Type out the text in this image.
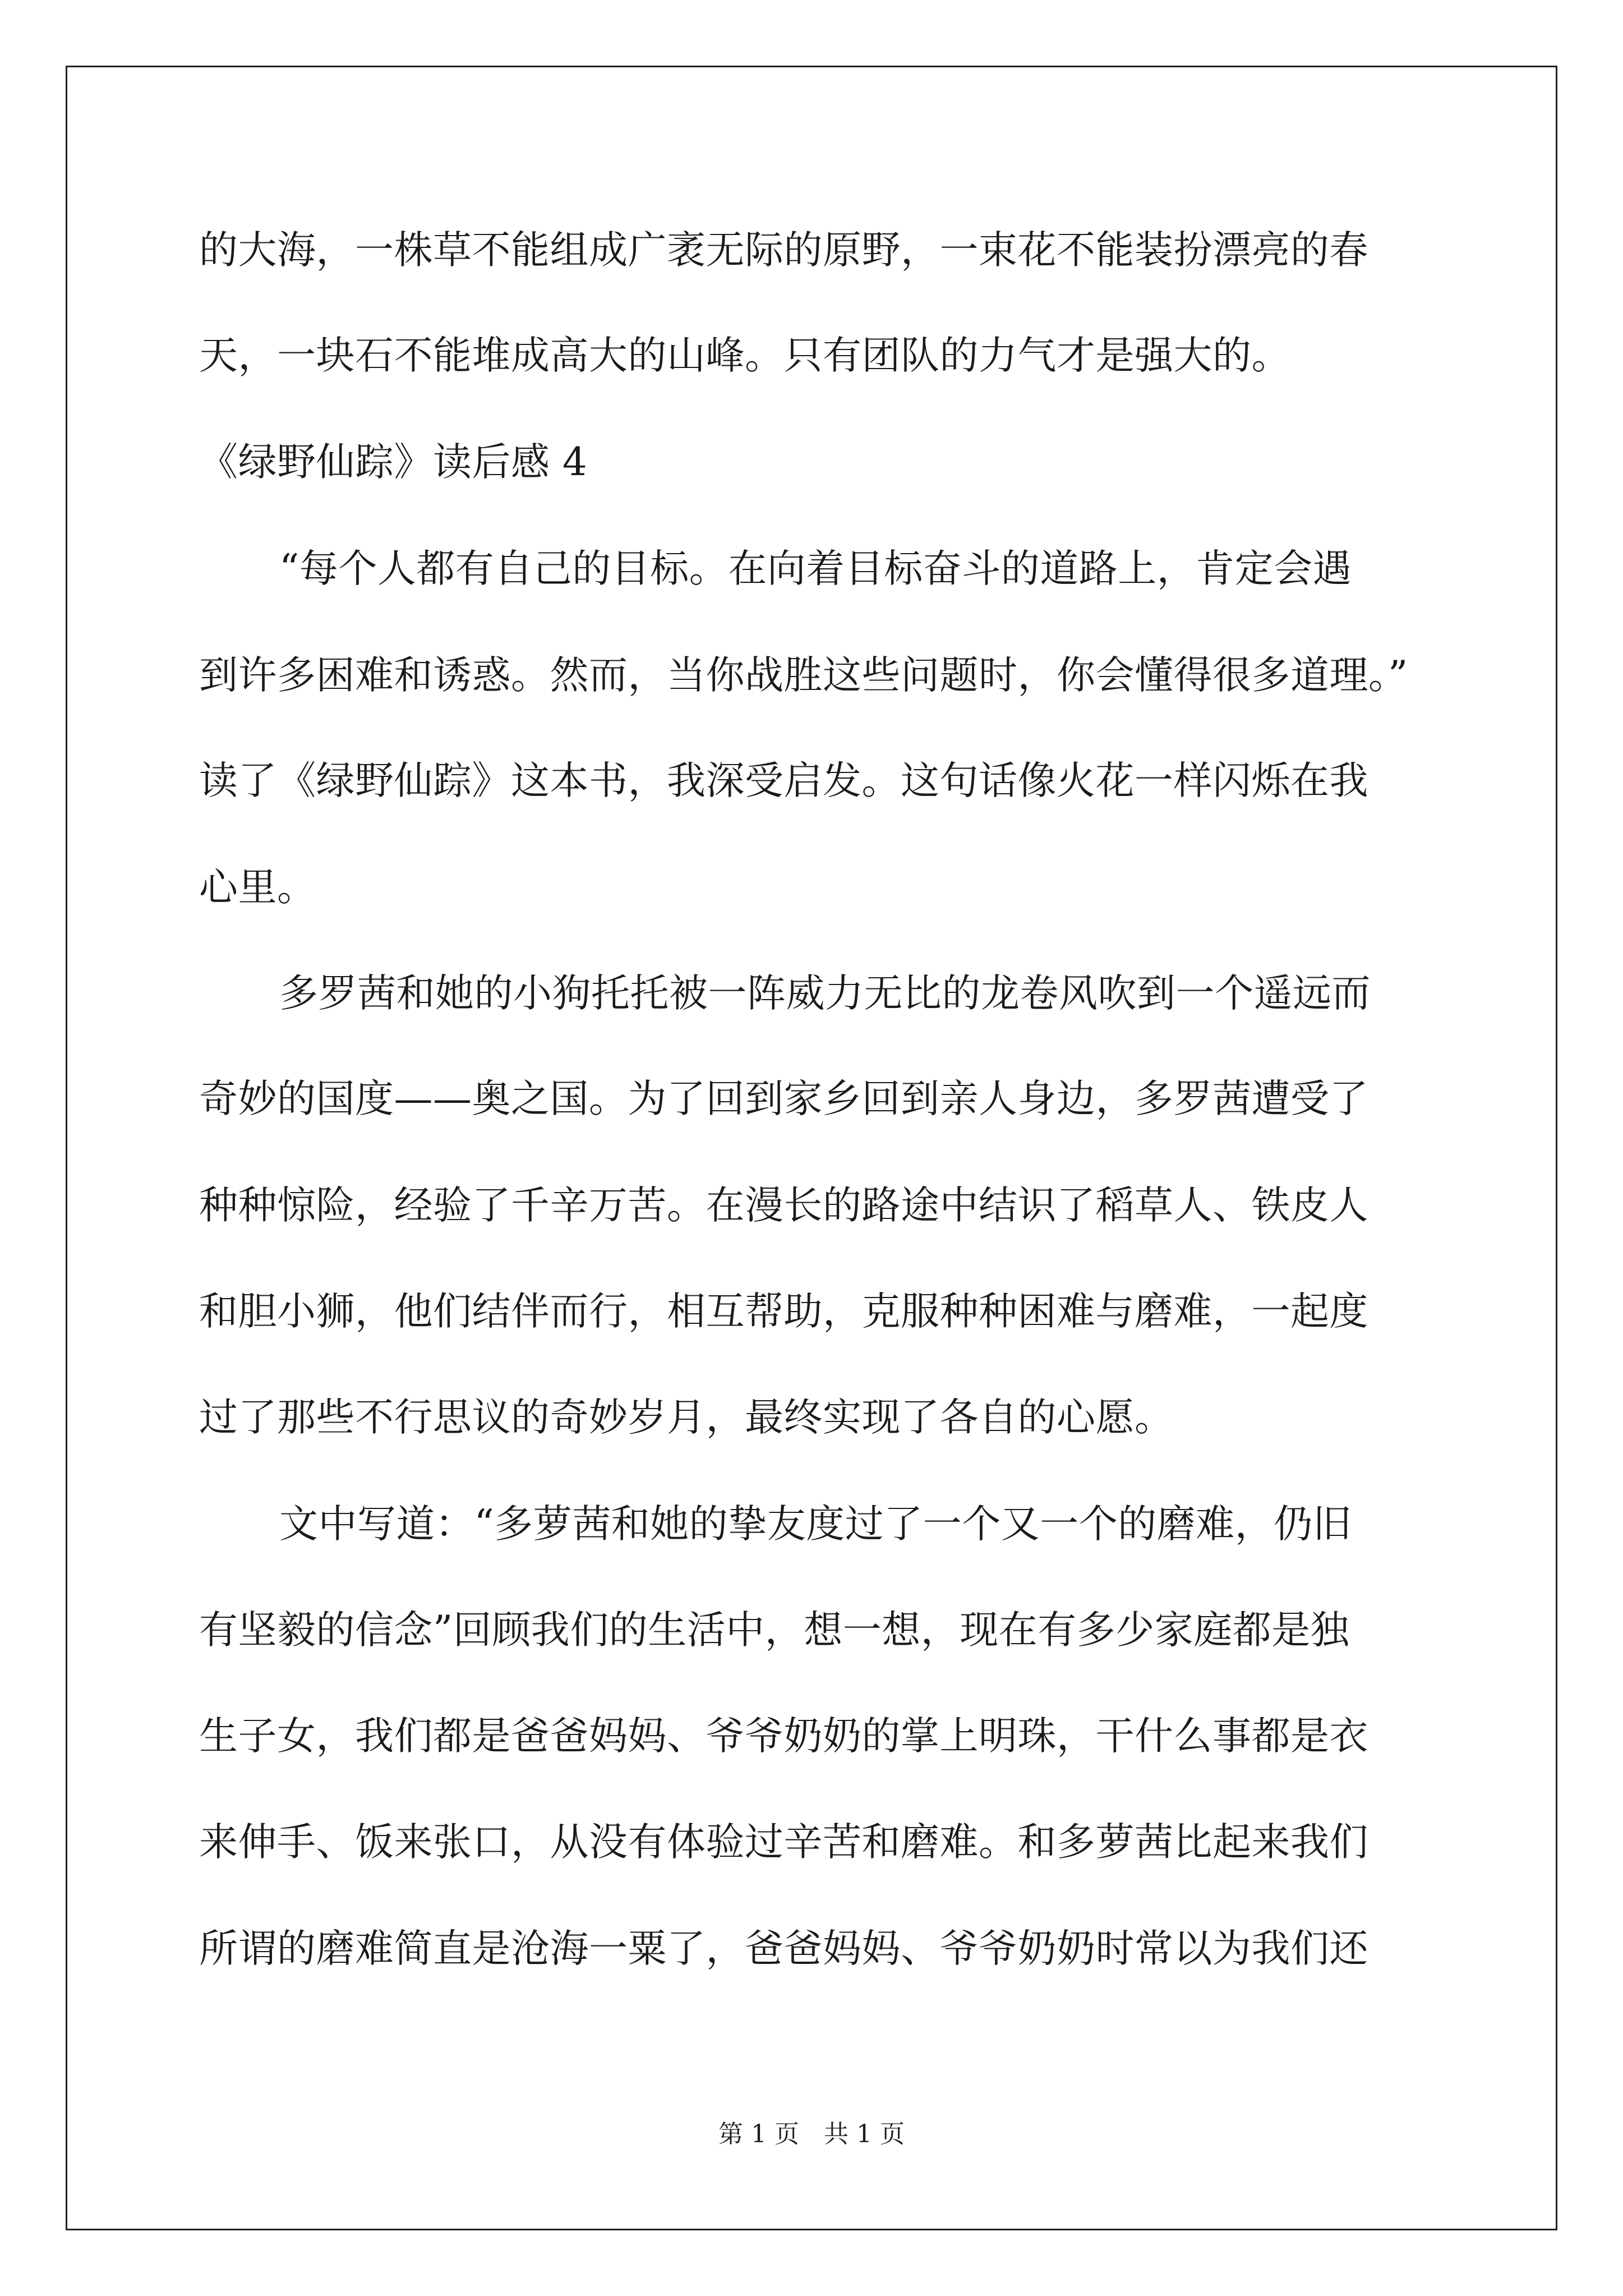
的大海，一株草不能组成广袤无际的原野，一束花不能装扮漂亮的春
天，一块石不能堆成高大的山峰。只有团队的力气才是强大的。
《绿野仙踪》读后感 4
“每个人都有自己的目标。在向着目标奋斗的道路上，肯定会遇
到许多困难和诱惑。然而，当你战胜这些问题时，你会懂得很多道理。”
读了《绿野仙踪》这本书，我深受启发。这句话像火花一样闪烁在我
心里。
多罗茜和她的小狗托托被一阵威力无比的龙卷风吹到一个遥远而
奇妙的国度——奥之国。为了回到家乡回到亲人身边，多罗茜遭受了
种种惊险，经验了千辛万苦。在漫长的路途中结识了稻草人、铁皮人
和胆小狮，他们结伴而行，相互帮助，克服种种困难与磨难，一起度
过了那些不行思议的奇妙岁月，最终实现了各自的心愿。
文中写道：“多萝茜和她的挚友度过了一个又一个的磨难，仍旧
有坚毅的信念”回顾我们的生活中，想一想，现在有多少家庭都是独
生子女，我们都是爸爸妈妈、爷爷奶奶的掌上明珠，干什么事都是衣
来伸手、饭来张口，从没有体验过辛苦和磨难。和多萝茜比起来我们
所谓的磨难简直是沧海一粟了，爸爸妈妈、爷爷奶奶时常以为我们还
第 1 页　共 1 页
